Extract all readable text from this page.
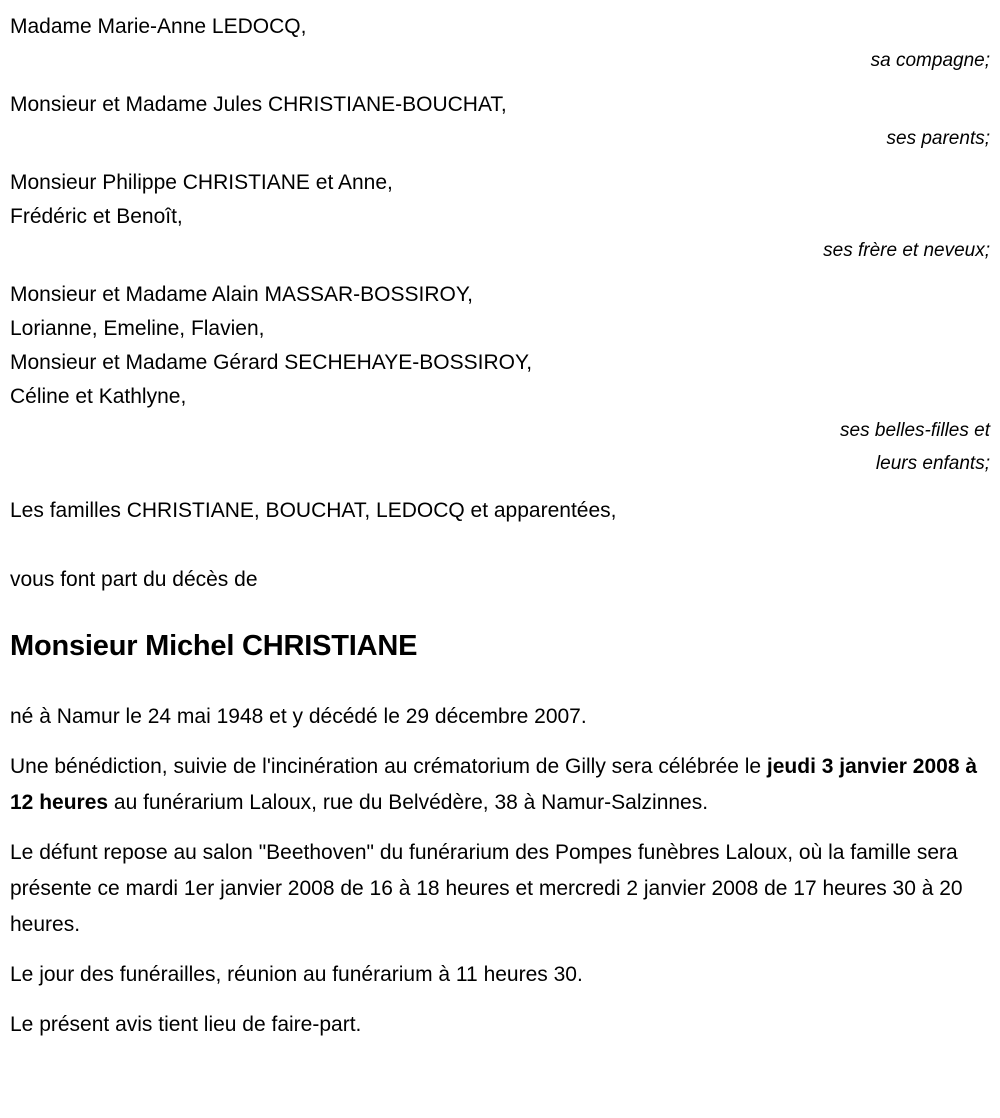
Madame Marie-Anne LEDOCQ,
sa compagne;
Monsieur et Madame Jules CHRISTIANE-BOUCHAT,
ses parents;
Monsieur Philippe CHRISTIANE et Anne,
Frédéric et Benoît,
ses frère et neveux;
Monsieur et Madame Alain MASSAR-BOSSIROY,
Lorianne, Emeline, Flavien,
Monsieur et Madame Gérard SECHEHAYE-BOSSIROY,
Céline et Kathlyne,
ses belles-filles et
leurs enfants;
Les familles CHRISTIANE, BOUCHAT, LEDOCQ et apparentées,
vous font part du décès de
Monsieur Michel CHRISTIANE

né à Namur le 24 mai 1948 et y décédé le 29 décembre 2007.

Une bénédiction, suivie de l'incinération au crématorium de Gilly sera célébrée le jeudi 3 janvier 2008 à 12 heures au funérarium Laloux, rue du Belvédère, 38 à Namur-Salzinnes.

Le défunt repose au salon "Beethoven" du funérarium des Pompes funèbres Laloux, où la famille sera présente ce mardi 1er janvier 2008 de 16 à 18 heures et mercredi 2 janvier 2008 de 17 heures 30 à 20 heures.

Le jour des funérailles, réunion au funérarium à 11 heures 30.

Le présent avis tient lieu de faire-part.
